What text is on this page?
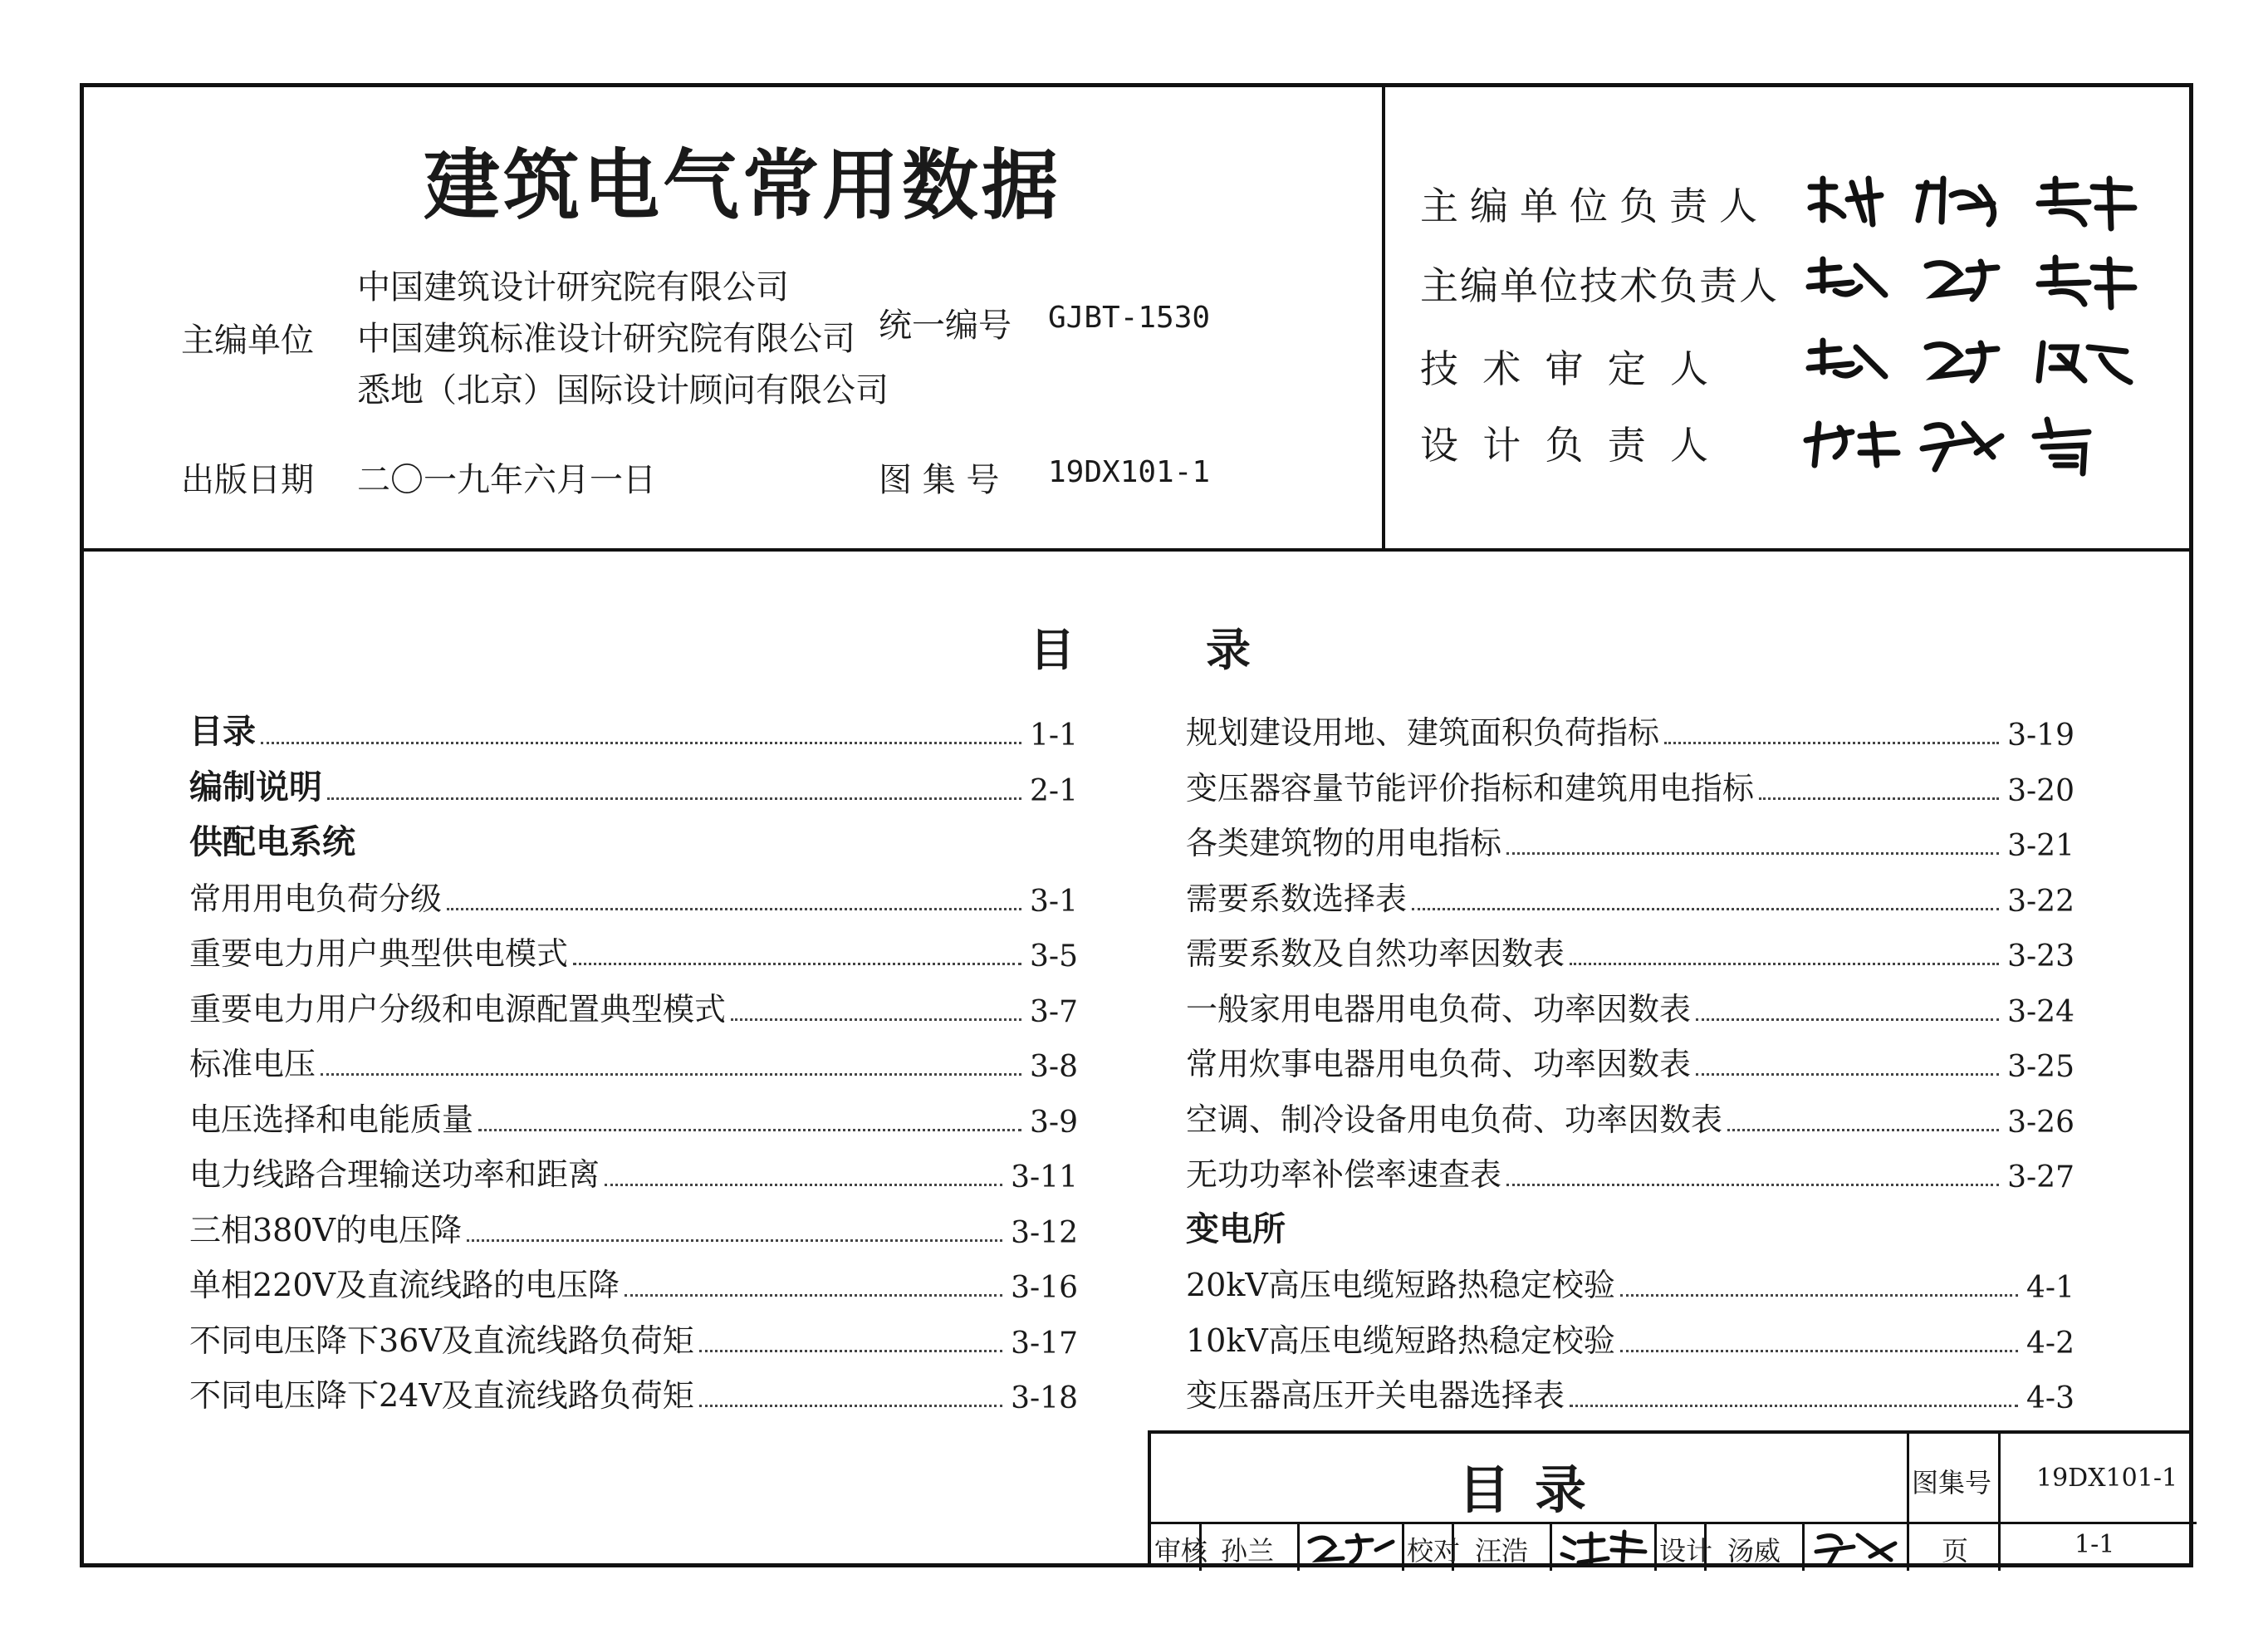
建筑电气常用数据
主编单位
中国建筑设计研究院有限公司
中国建筑标准设计研究院有限公司
悉地（北京）国际设计顾问有限公司
统一编号 GJBT-1530
出版日期 二〇一九年六月一日	图 集 号 19DX101-1
主编单位负责人
主编单位技术负责人
技  术  审  定  人
设  计  负  责  人
目	录
目录	1-1
编制说明	2-1
供配电系统
常用用电负荷分级	3-1
重要电力用户典型供电模式	3-5
重要电力用户分级和电源配置典型模式	3-7
标准电压	3-8
电压选择和电能质量	3-9
电力线路合理输送功率和距离	3-11
三相380V的电压降	3-12
单相220V及直流线路的电压降	3-16
不同电压降下36V及直流线路负荷矩	3-17
不同电压降下24V及直流线路负荷矩	3-18
规划建设用地、建筑面积负荷指标	3-19
变压器容量节能评价指标和建筑用电指标	3-20
各类建筑物的用电指标	3-21
需要系数选择表	3-22
需要系数及自然功率因数表	3-23
一般家用电器用电负荷、功率因数表	3-24
常用炊事电器用电负荷、功率因数表	3-25
空调、制冷设备用电负荷、功率因数表	3-26
无功功率补偿率速查表	3-27
变电所
20kV高压电缆短路热稳定校验	4-1
10kV高压电缆短路热稳定校验	4-2
变压器高压开关电器选择表	4-3
目录	图集号 19DX101-1
审核 孙兰	校对 汪浩	设计 汤威	页	1-1
